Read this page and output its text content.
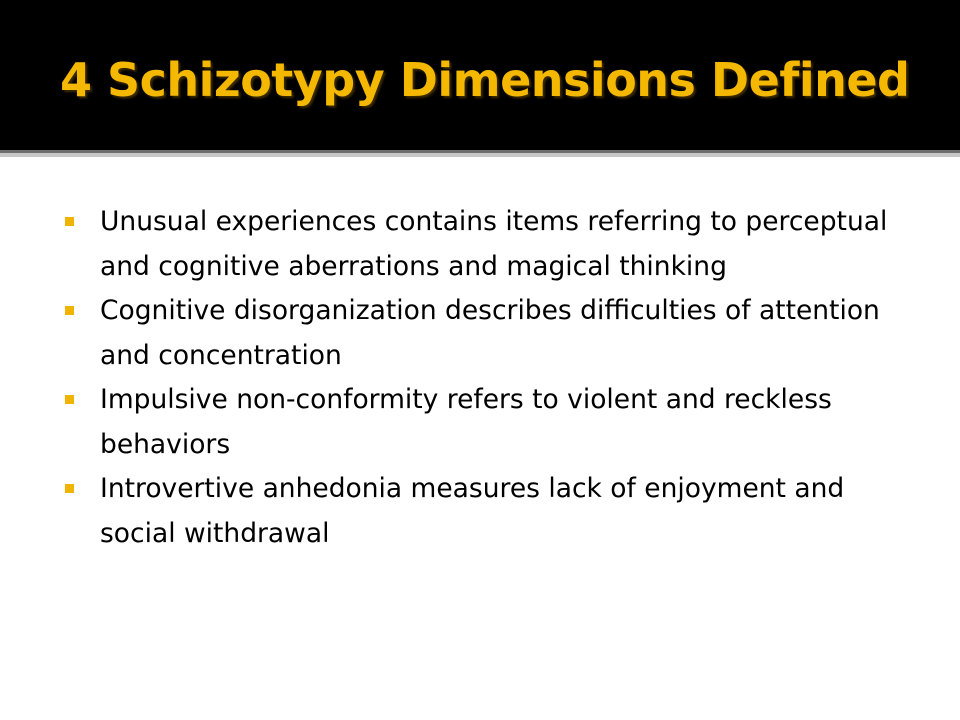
4 Schizotypy Dimensions Defined
Unusual experiences contains items referring to perceptual and cognitive aberrations and magical thinking
Cognitive disorganization describes difficulties of attention and concentration
Impulsive non-conformity refers to violent and reckless behaviors
Introvertive anhedonia measures lack of enjoyment and social withdrawal
